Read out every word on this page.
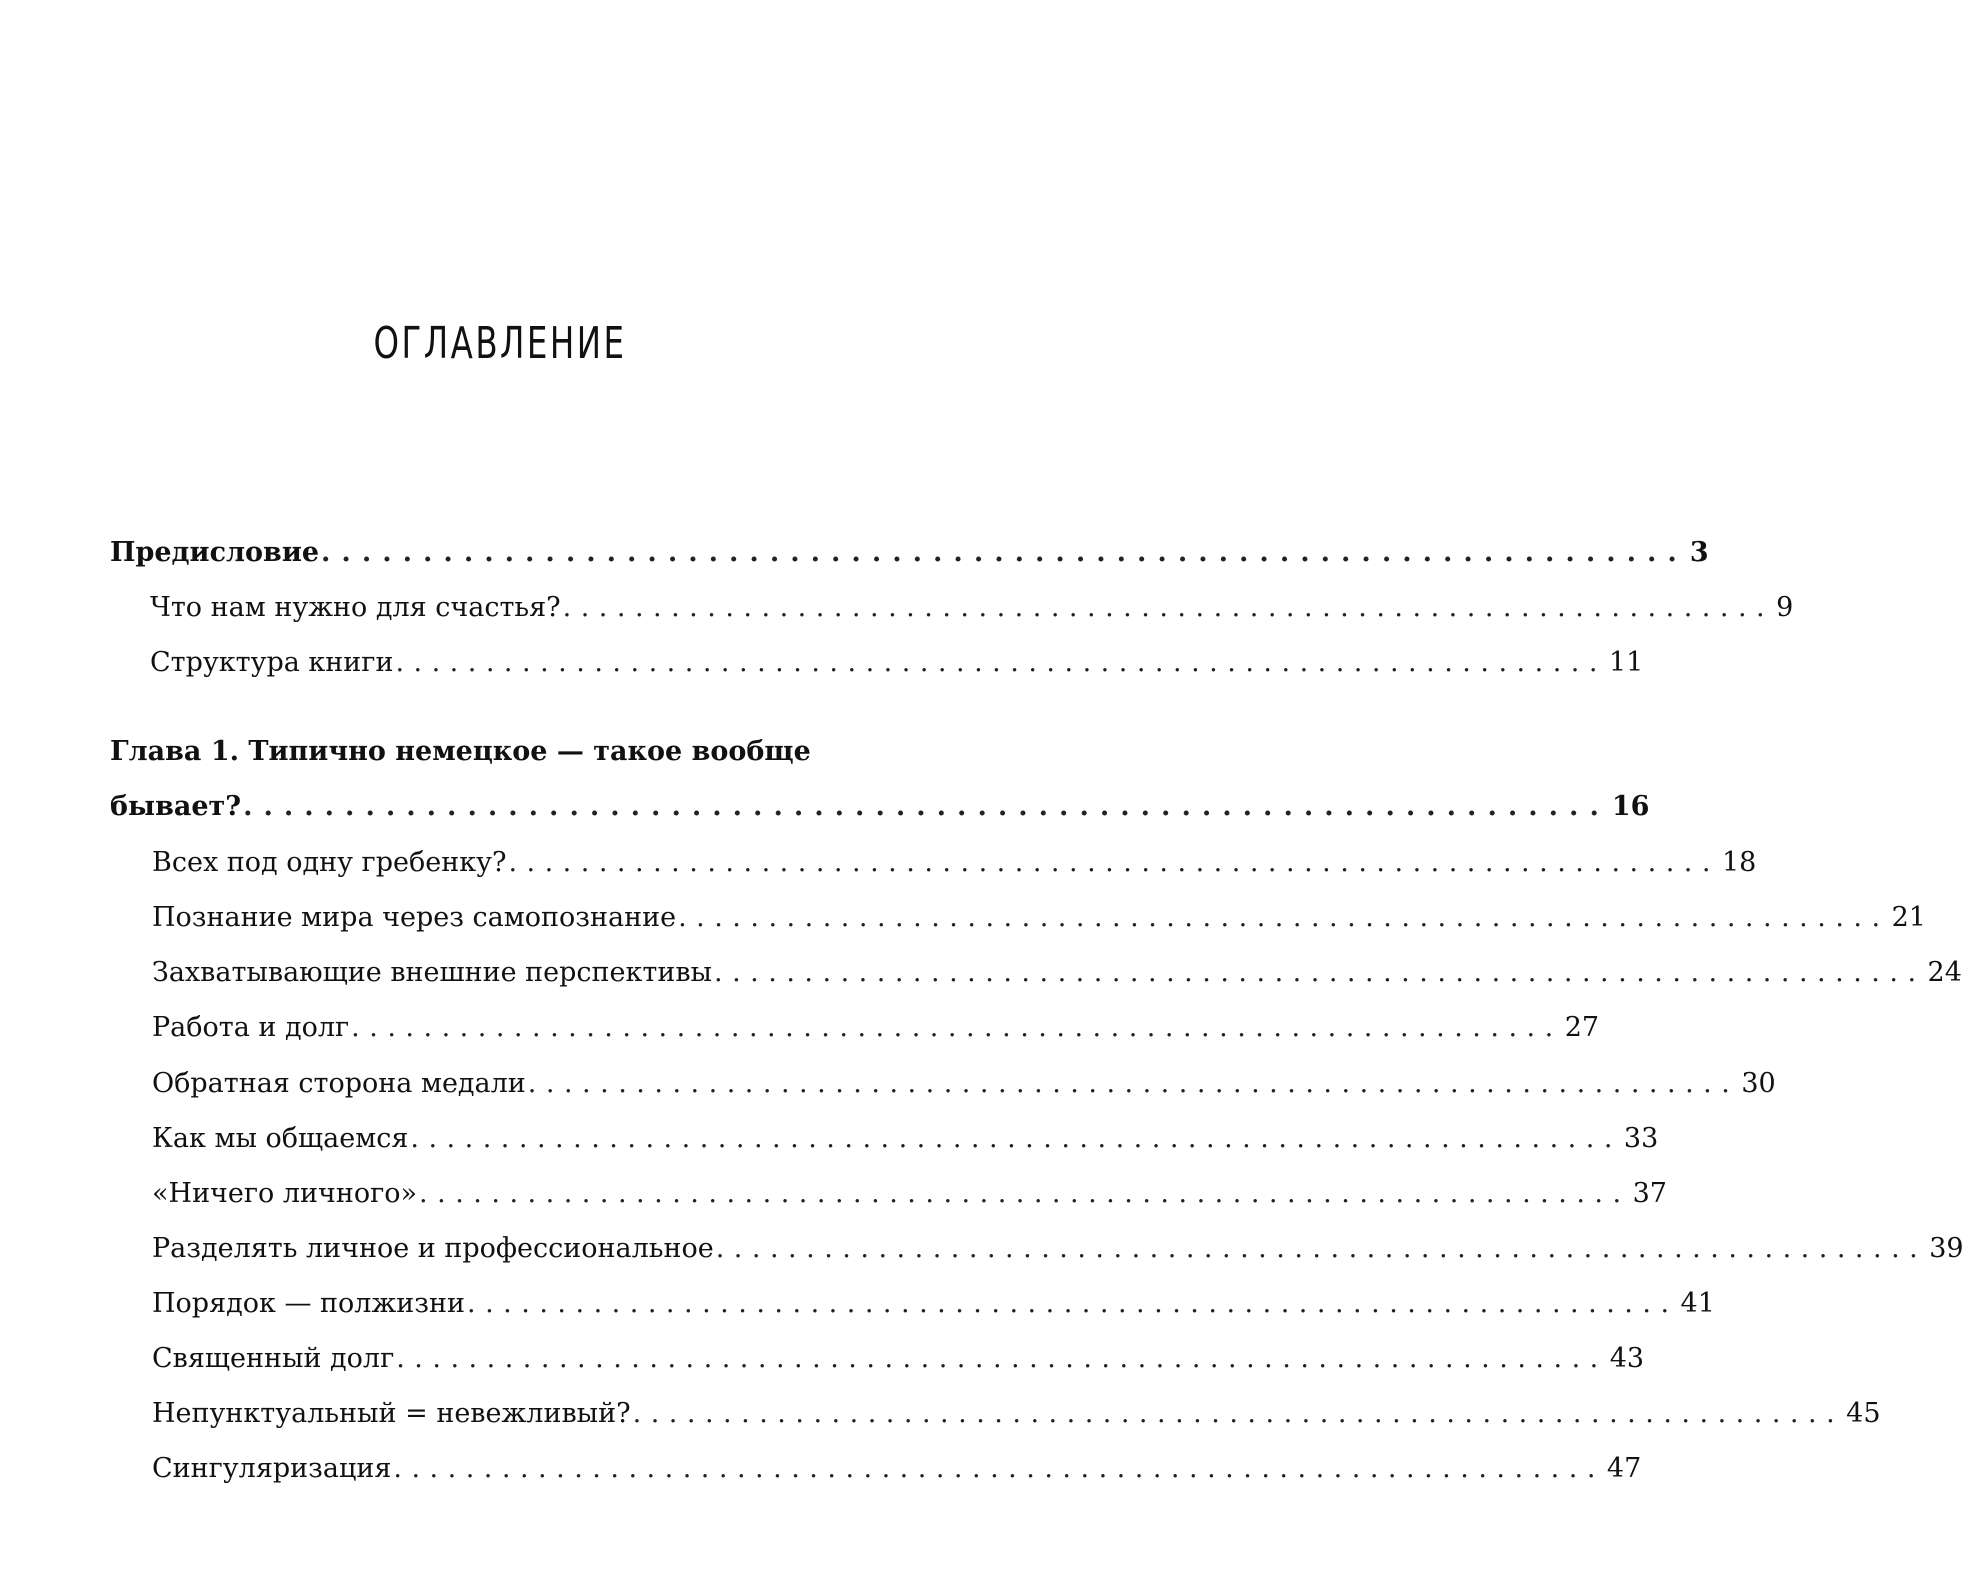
ОГЛАВЛЕНИЕ
Предисловие ................................................................... 3
Что нам нужно для счастья? ................................................................... 9
Структура книги ................................................................... 11
Глава 1. Типично немецкое — такое вообще
бывает? ................................................................... 16
Всех под одну гребенку? ................................................................... 18
Познание мира через самопознание ................................................................... 21
Захватывающие внешние перспективы ................................................................... 24
Работа и долг ................................................................... 27
Обратная сторона медали ................................................................... 30
Как мы общаемся ................................................................... 33
«Ничего личного» ................................................................... 37
Разделять личное и профессиональное ................................................................... 39
Порядок — полжизни ................................................................... 41
Священный долг ................................................................... 43
Непунктуальный = невежливый? ................................................................... 45
Сингуляризация ................................................................... 47
